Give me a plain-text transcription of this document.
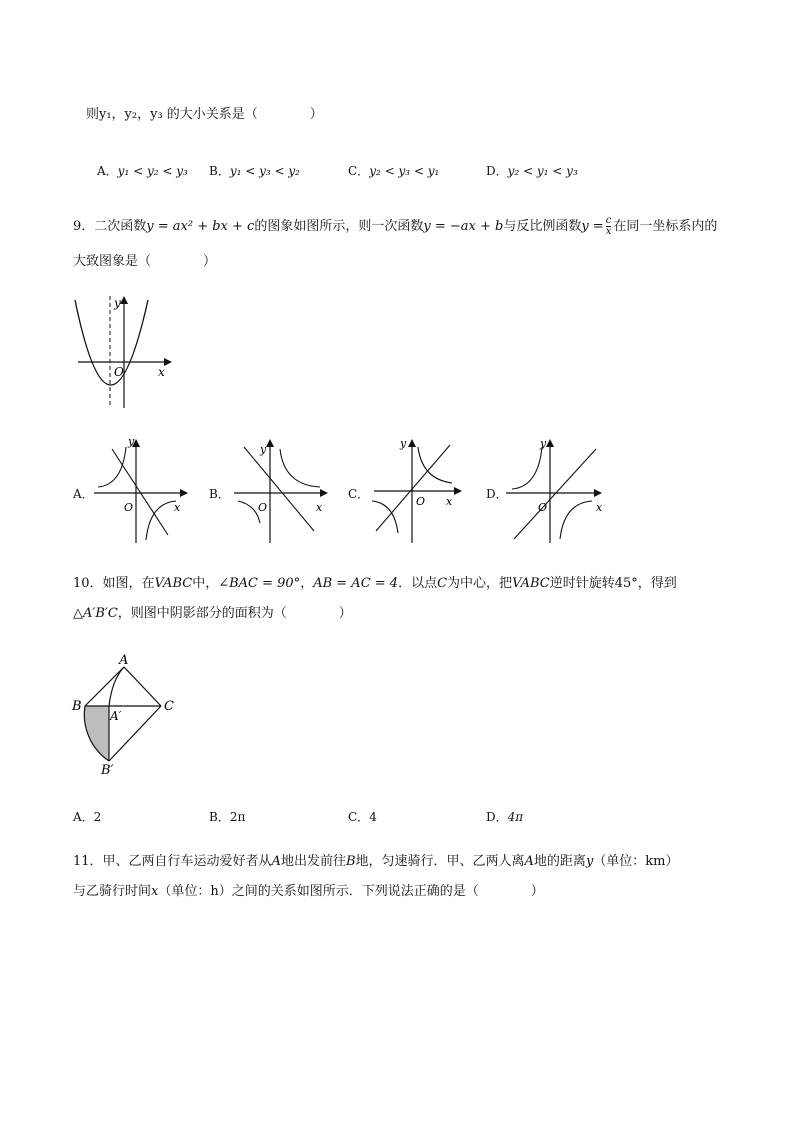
则y₁，y₂，y₃ 的大小关系是（　　　　）
A．y₁ < y₂ < y₃ B．y₁ < y₃ < y₂	C．y₂ < y₃ < y₁	D．y₂ < y₁ < y₃
9．二次函数y = ax² + bx + c的图象如图所示，则一次函数y = −ax + b与反比例函数$y = \frac{c}{x}$ 在同一坐标系内的
大致图象是（　　　　）
y
x
O
A．
y
x
O
B．
y
x
O
C．
y
x
O
D．
y
x
O
10．如图，在VABC中，∠BAC = 90°，AB = AC = 4．以点C为中心，把VABC逆时针旋转45°，得到
△A′B′C，则图中阴影部分的面积为（　　　　）
A
B	C
A′
B′
A．2	B．2π	C．4	D．4π
11．甲、乙两自行车运动爱好者从A地出发前往B地，匀速骑行．甲、乙两人离A地的距离y（单位：km）
与乙骑行时间x（单位：h）之间的关系如图所示．下列说法正确的是（　　　　）
